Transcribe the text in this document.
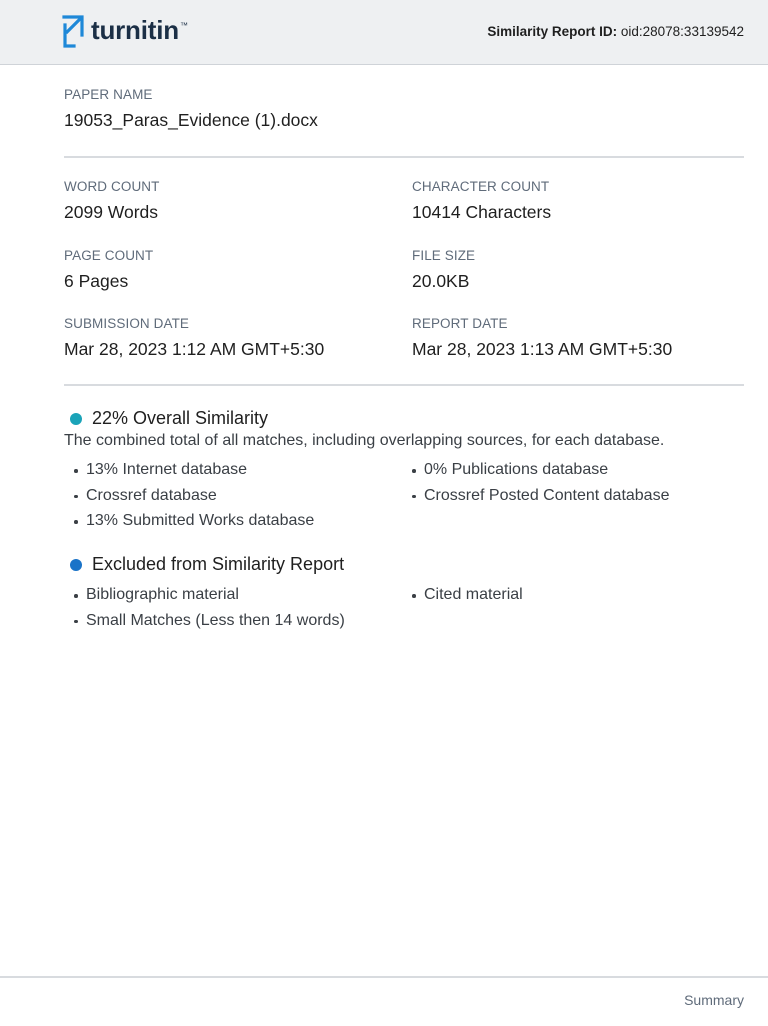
turnitin ™	Similarity Report ID: oid:28078:33139542
PAPER NAME
19053_Paras_Evidence (1).docx
WORD COUNT
2099 Words
CHARACTER COUNT
10414 Characters
PAGE COUNT
6 Pages
FILE SIZE
20.0KB
SUBMISSION DATE
Mar 28, 2023 1:12 AM GMT+5:30
REPORT DATE
Mar 28, 2023 1:13 AM GMT+5:30
22% Overall Similarity
The combined total of all matches, including overlapping sources, for each database.
13% Internet database
Crossref database
13% Submitted Works database
0% Publications database
Crossref Posted Content database
Excluded from Similarity Report
Bibliographic material
Small Matches (Less then 14 words)
Cited material
Summary
